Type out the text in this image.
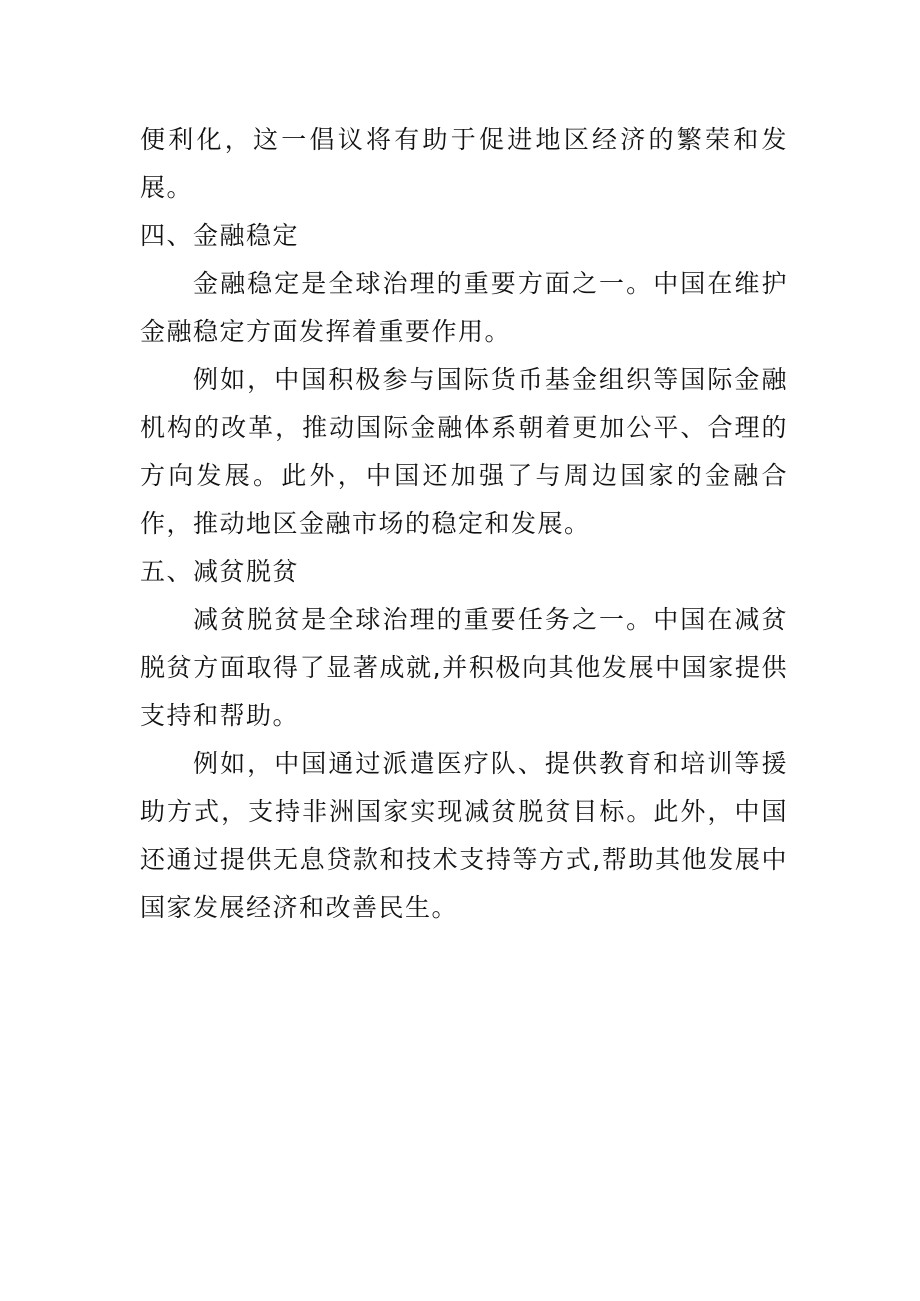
便利化，这一倡议将有助于促进地区经济的繁荣和发展。

四、金融稳定

金融稳定是全球治理的重要方面之一。中国在维护金融稳定方面发挥着重要作用。

例如，中国积极参与国际货币基金组织等国际金融机构的改革，推动国际金融体系朝着更加公平、合理的方向发展。此外，中国还加强了与周边国家的金融合作，推动地区金融市场的稳定和发展。

五、减贫脱贫

减贫脱贫是全球治理的重要任务之一。中国在减贫脱贫方面取得了显著成就,并积极向其他发展中国家提供支持和帮助。

例如，中国通过派遣医疗队、提供教育和培训等援助方式，支持非洲国家实现减贫脱贫目标。此外，中国还通过提供无息贷款和技术支持等方式,帮助其他发展中国家发展经济和改善民生。
